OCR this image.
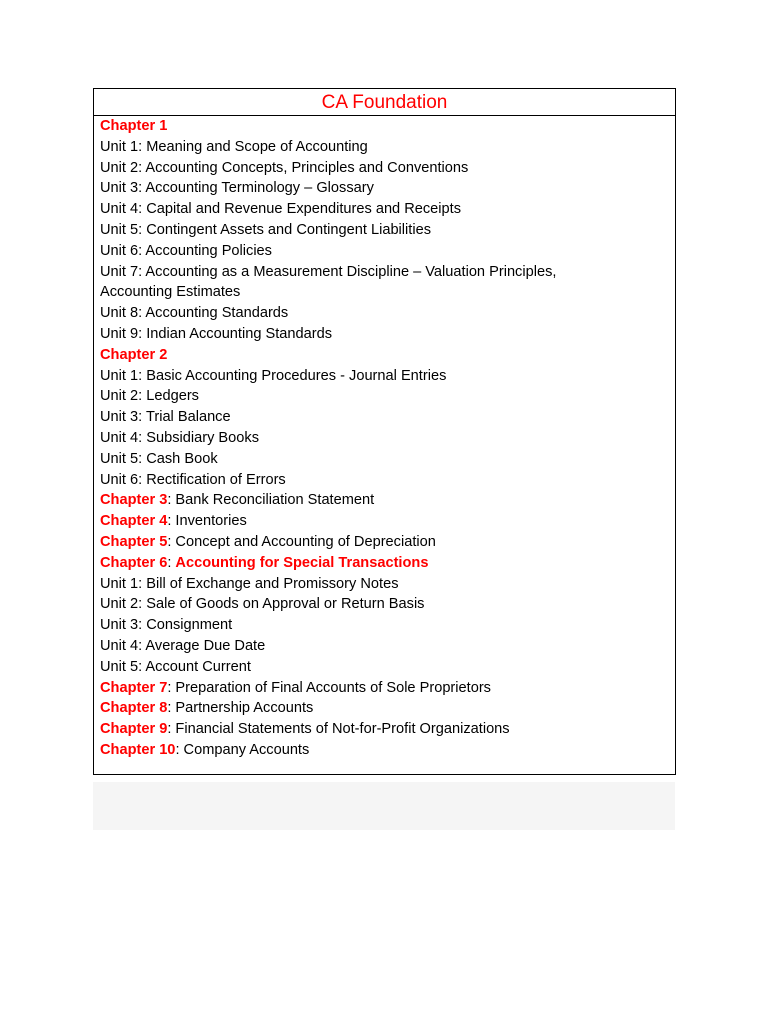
CA Foundation
Chapter 1
Unit 1: Meaning and Scope of Accounting
Unit 2: Accounting Concepts, Principles and Conventions
Unit 3: Accounting Terminology – Glossary
Unit 4: Capital and Revenue Expenditures and Receipts
Unit 5: Contingent Assets and Contingent Liabilities
Unit 6: Accounting Policies
Unit 7: Accounting as a Measurement Discipline – Valuation Principles,
Accounting Estimates
Unit 8: Accounting Standards
Unit 9: Indian Accounting Standards
Chapter 2
Unit 1: Basic Accounting Procedures - Journal Entries
Unit 2: Ledgers
Unit 3: Trial Balance
Unit 4: Subsidiary Books
Unit 5: Cash Book
Unit 6: Rectification of Errors
Chapter 3: Bank Reconciliation Statement
Chapter 4: Inventories
Chapter 5: Concept and Accounting of Depreciation
Chapter 6: Accounting for Special Transactions
Unit 1: Bill of Exchange and Promissory Notes
Unit 2: Sale of Goods on Approval or Return Basis
Unit 3: Consignment
Unit 4: Average Due Date
Unit 5: Account Current
Chapter 7: Preparation of Final Accounts of Sole Proprietors
Chapter 8: Partnership Accounts
Chapter 9: Financial Statements of Not-for-Profit Organizations
Chapter 10: Company Accounts
